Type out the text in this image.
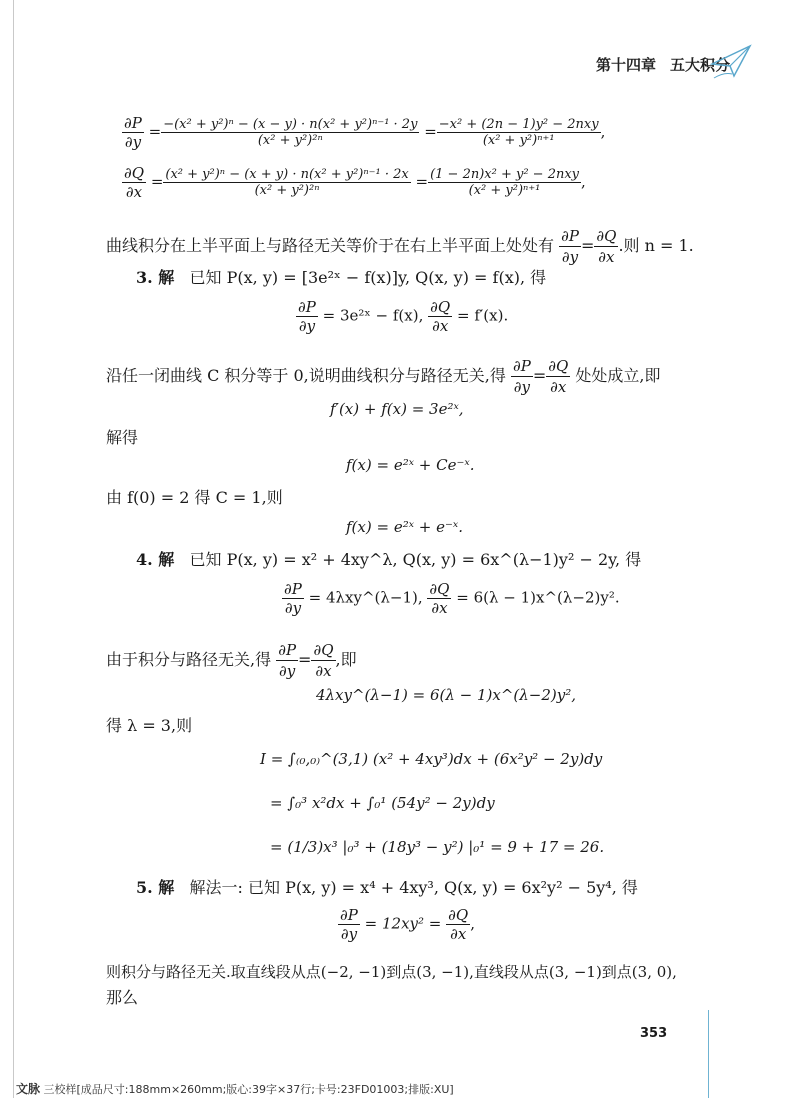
第十四章 五大积分
$\frac{\partial P}{\partial y} = \frac{\text{−(x² + y²)ⁿ − (x − y) · n(x² + y²)ⁿ⁻¹ · 2y}}{\text{(x² + y²)²ⁿ}} = \frac{\text{−x² + (2n − 1)y² − 2nxy}}{\text{(x² + y²)ⁿ⁺¹}}$ ,
$\frac{\partial Q}{\partial x} = \frac{\text{(x² + y²)ⁿ − (x + y) · n(x² + y²)ⁿ⁻¹ · 2x}}{\text{(x² + y²)²ⁿ}} = \frac{\text{(1 − 2n)x² + y² − 2nxy}}{\text{(x² + y²)ⁿ⁺¹}}$ ,
曲线积分在上半平面上与路径无关等价于在右上半平面上处处有 $\frac{\partial P}{\partial y} = \frac{\partial Q}{\partial x}$ .则 n = 1.
3. 解 已知 P(x, y) = [3e²ˣ − f(x)]y, Q(x, y) = f(x), 得
$\frac{\partial P}{\partial y}$ = 3e²ˣ − f(x), $\frac{\partial Q}{\partial x} = f'(x)$.
沿任一闭曲线 C 积分等于 0,说明曲线积分与路径无关,得 $\frac{\partial P}{\partial y} = \frac{\partial Q}{\partial x}$ 处处成立,即
f′(x) + f(x) = 3e²ˣ,
解得
f(x) = e²ˣ + Ce⁻ˣ.
由 f(0) = 2 得 C = 1,则
f(x) = e²ˣ + e⁻ˣ.
4. 解 已知 P(x, y) = x² + 4xy^λ, Q(x, y) = 6x^(λ−1)y² − 2y, 得
$\frac{\partial P}{\partial y}$ = 4λxy^(λ−1), $\frac{\partial Q}{\partial x} = 6(\lambda$ − 1)x^(λ−2)y².
由于积分与路径无关,得 $\frac{\partial P}{\partial y} = \frac{\partial Q}{\partial x}$ ,即
4λxy^(λ−1) = 6(λ − 1)x^(λ−2)y²,
得 λ = 3,则
I = ∫₍₀,₀₎^(3,1) (x² + 4xy³)dx + (6x²y² − 2y)dy
= ∫₀³ x²dx + ∫₀¹ (54y² − 2y)dy
= (1/3)x³ |₀³ + (18y³ − y²) |₀¹ = 9 + 17 = 26.
5. 解 解法一: 已知 P(x, y) = x⁴ + 4xy³, Q(x, y) = 6x²y² − 5y⁴, 得
$\frac{\partial P}{\partial y} = 12xy^2 = \frac{\partial Q}{\partial x}$ ,
则积分与路径无关.取直线段从点(−2, −1)到点(3, −1),直线段从点(3, −1)到点(3, 0),
那么
353
文脉 三校样[成品尺寸:188mm×260mm;版心:39字×37行;卡号:23FD01003;排版:XU]
